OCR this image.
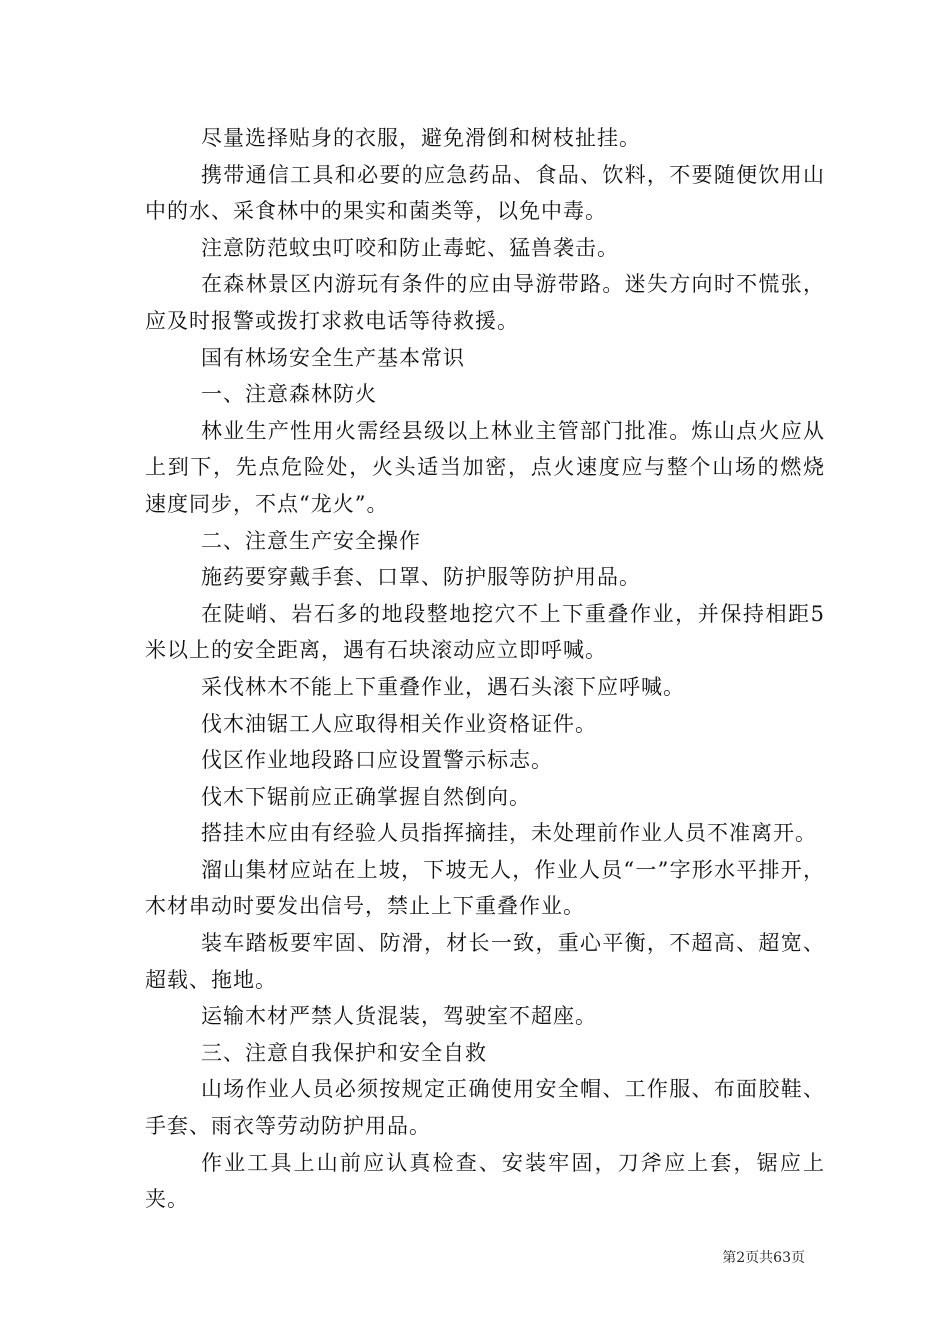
尽量选择贴身的衣服，避免滑倒和树枝扯挂。

携带通信工具和必要的应急药品、食品、饮料，不要随便饮用山中的水、采食林中的果实和菌类等，以免中毒。

注意防范蚊虫叮咬和防止毒蛇、猛兽袭击。

在森林景区内游玩有条件的应由导游带路。迷失方向时不慌张，应及时报警或拨打求救电话等待救援。

国有林场安全生产基本常识

一、注意森林防火

林业生产性用火需经县级以上林业主管部门批准。炼山点火应从上到下，先点危险处，火头适当加密，点火速度应与整个山场的燃烧速度同步，不点“龙火”。

二、注意生产安全操作

施药要穿戴手套、口罩、防护服等防护用品。

在陡峭、岩石多的地段整地挖穴不上下重叠作业，并保持相距5米以上的安全距离，遇有石块滚动应立即呼喊。

采伐林木不能上下重叠作业，遇石头滚下应呼喊。

伐木油锯工人应取得相关作业资格证件。

伐区作业地段路口应设置警示标志。

伐木下锯前应正确掌握自然倒向。

搭挂木应由有经验人员指挥摘挂，未处理前作业人员不准离开。

溜山集材应站在上坡，下坡无人，作业人员“一”字形水平排开，木材串动时要发出信号，禁止上下重叠作业。

装车踏板要牢固、防滑，材长一致，重心平衡，不超高、超宽、超载、拖地。

运输木材严禁人货混装，驾驶室不超座。

三、注意自我保护和安全自救

山场作业人员必须按规定正确使用安全帽、工作服、布面胶鞋、手套、雨衣等劳动防护用品。

作业工具上山前应认真检查、安装牢固，刀斧应上套，锯应上夹。

第2页共63页
